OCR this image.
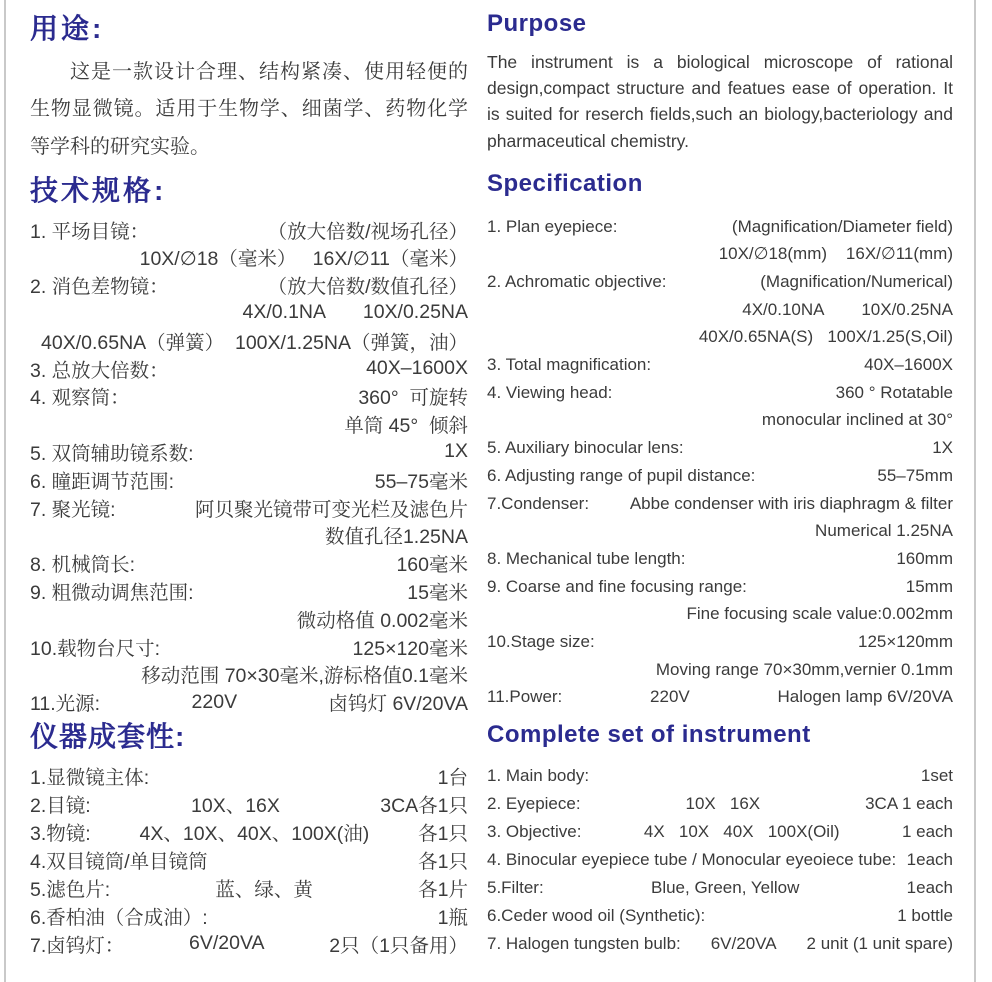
用途:

这是一款设计合理、结构紧凑、使用轻便的生物显微镜。适用于生物学、细菌学、药物化学等学科的研究实验。

技术规格:
1. 平场目镜：	（放大倍数/视场孔径）
10X/∅18（毫米）   16X/∅11（毫米）
2. 消色差物镜：	（放大倍数/数值孔径）
4X/0.1NA       10X/0.25NA
40X/0.65NA（弹簧）  100X/1.25NA（弹簧，油）
3. 总放大倍数：	40X–1600X
4. 观察筒：	360°  可旋转
单筒 45°  倾斜
5. 双筒辅助镜系数:	1X
6. 瞳距调节范围:	55–75毫米
7. 聚光镜:	阿贝聚光镜带可变光栏及滤色片
数值孔径1.25NA
8. 机械筒长:	160毫米
9. 粗微动调焦范围:	15毫米
微动格值 0.002毫米
10.载物台尺寸:	125×120毫米
移动范围 70×30毫米,游标格值0.1毫米
11.光源:	220V	卤钨灯 6V/20VA
仪器成套性:
1.显微镜主体:	1台
2.目镜:	10X、16X	3CA各1只
3.物镜:	4X、10X、40X、100X(油)	各1只
4.双目镜筒/单目镜筒	各1只
5.滤色片:	蓝、绿、黄	各1片
6.香柏油（合成油）:	1瓶
7.卤钨灯：	6V/20VA	2只（1只备用）
Purpose

The instrument is a biological microscope of rational design,compact structure and featues ease of operation. It is suited for reserch fields,such an biology,bacteriology and pharmaceutical chemistry.

Specification
1. Plan eyepiece:	(Magnification/Diameter field)
10X/∅18(mm)    16X/∅11(mm)
2. Achromatic objective:	(Magnification/Numerical)
4X/0.10NA        10X/0.25NA
40X/0.65NA(S)   100X/1.25(S,Oil)
3. Total magnification:	40X–1600X
4. Viewing head:	360 ° Rotatable
monocular inclined at 30°
5. Auxiliary binocular lens:	1X
6. Adjusting range of pupil distance:	55–75mm
7.Condenser: Abbe condenser with iris diaphragm & filter
Numerical 1.25NA
8. Mechanical tube length:	160mm
9. Coarse and fine focusing range:	15mm
Fine focusing scale value:0.002mm
10.Stage size:	125×120mm
Moving range 70×30mm,vernier 0.1mm
11.Power:	220V	Halogen lamp 6V/20VA
Complete set of instrument
1. Main body:	1set
2. Eyepiece:	10X   16X	3CA 1 each
3. Objective:	4X   10X   40X   100X(Oil)	1 each
4. Binocular eyepiece tube / Monocular eyeoiece tube: 1each
5.Filter:	Blue, Green, Yellow	1each
6.Ceder wood oil (Synthetic):	1 bottle
7. Halogen tungsten bulb:	6V/20VA	2 unit (1 unit spare)
